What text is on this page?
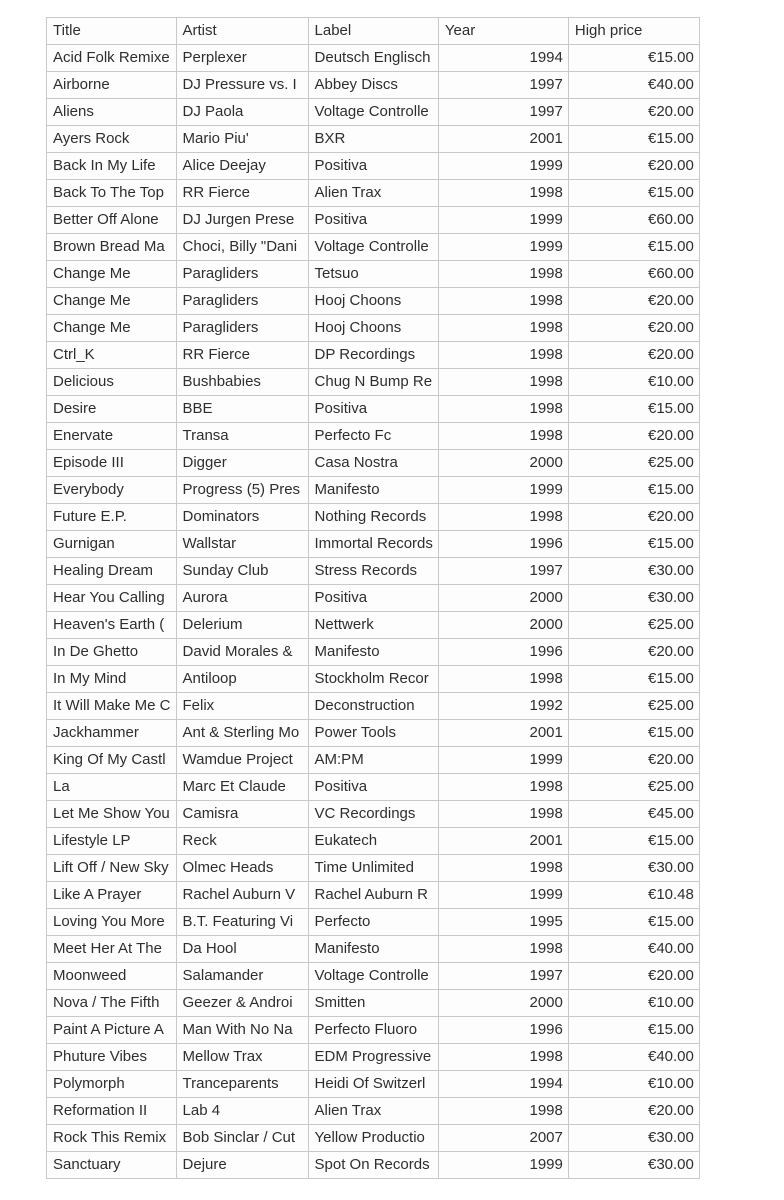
Title	Artist	Label	Year	High price
Acid Folk Remixe	Perplexer	Deutsch Englisch	1994	€15.00
Airborne	DJ Pressure vs. I	Abbey Discs	1997	€40.00
Aliens	DJ Paola	Voltage Controlle	1997	€20.00
Ayers Rock	Mario Piu'	BXR	2001	€15.00
Back In My Life	Alice Deejay	Positiva	1999	€20.00
Back To The Top	RR Fierce	Alien Trax	1998	€15.00
Better Off Alone	DJ Jurgen Prese	Positiva	1999	€60.00
Brown Bread Ma	Choci, Billy "Dani	Voltage Controlle	1999	€15.00
Change Me	Paragliders	Tetsuo	1998	€60.00
Change Me	Paragliders	Hooj Choons	1998	€20.00
Change Me	Paragliders	Hooj Choons	1998	€20.00
Ctrl_K	RR Fierce	DP Recordings	1998	€20.00
Delicious	Bushbabies	Chug N Bump Re	1998	€10.00
Desire	BBE	Positiva	1998	€15.00
Enervate	Transa	Perfecto Fc	1998	€20.00
Episode III	Digger	Casa Nostra	2000	€25.00
Everybody	Progress (5) Pres	Manifesto	1999	€15.00
Future E.P.	Dominators	Nothing Records	1998	€20.00
Gurnigan	Wallstar	Immortal Records	1996	€15.00
Healing Dream	Sunday Club	Stress Records	1997	€30.00
Hear You Calling	Aurora	Positiva	2000	€30.00
Heaven's Earth (	Delerium	Nettwerk	2000	€25.00
In De Ghetto	David Morales &	Manifesto	1996	€20.00
In My Mind	Antiloop	Stockholm Recor	1998	€15.00
It Will Make Me C	Felix	Deconstruction	1992	€25.00
Jackhammer	Ant & Sterling Mo	Power Tools	2001	€15.00
King Of My Castl	Wamdue Project	AM:PM	1999	€20.00
La	Marc Et Claude	Positiva	1998	€25.00
Let Me Show You	Camisra	VC Recordings	1998	€45.00
Lifestyle LP	Reck	Eukatech	2001	€15.00
Lift Off / New Sky	Olmec Heads	Time Unlimited	1998	€30.00
Like A Prayer	Rachel Auburn V	Rachel Auburn R	1999	€10.48
Loving You More	B.T. Featuring Vi	Perfecto	1995	€15.00
Meet Her At The	Da Hool	Manifesto	1998	€40.00
Moonweed	Salamander	Voltage Controlle	1997	€20.00
Nova / The Fifth	Geezer & Androi	Smitten	2000	€10.00
Paint A Picture A	Man With No Na	Perfecto Fluoro	1996	€15.00
Phuture Vibes	Mellow Trax	EDM Progressive	1998	€40.00
Polymorph	Tranceparents	Heidi Of Switzerl	1994	€10.00
Reformation II	Lab 4	Alien Trax	1998	€20.00
Rock This Remix	Bob Sinclar / Cut	Yellow Productio	2007	€30.00
Sanctuary	Dejure	Spot On Records	1999	€30.00
